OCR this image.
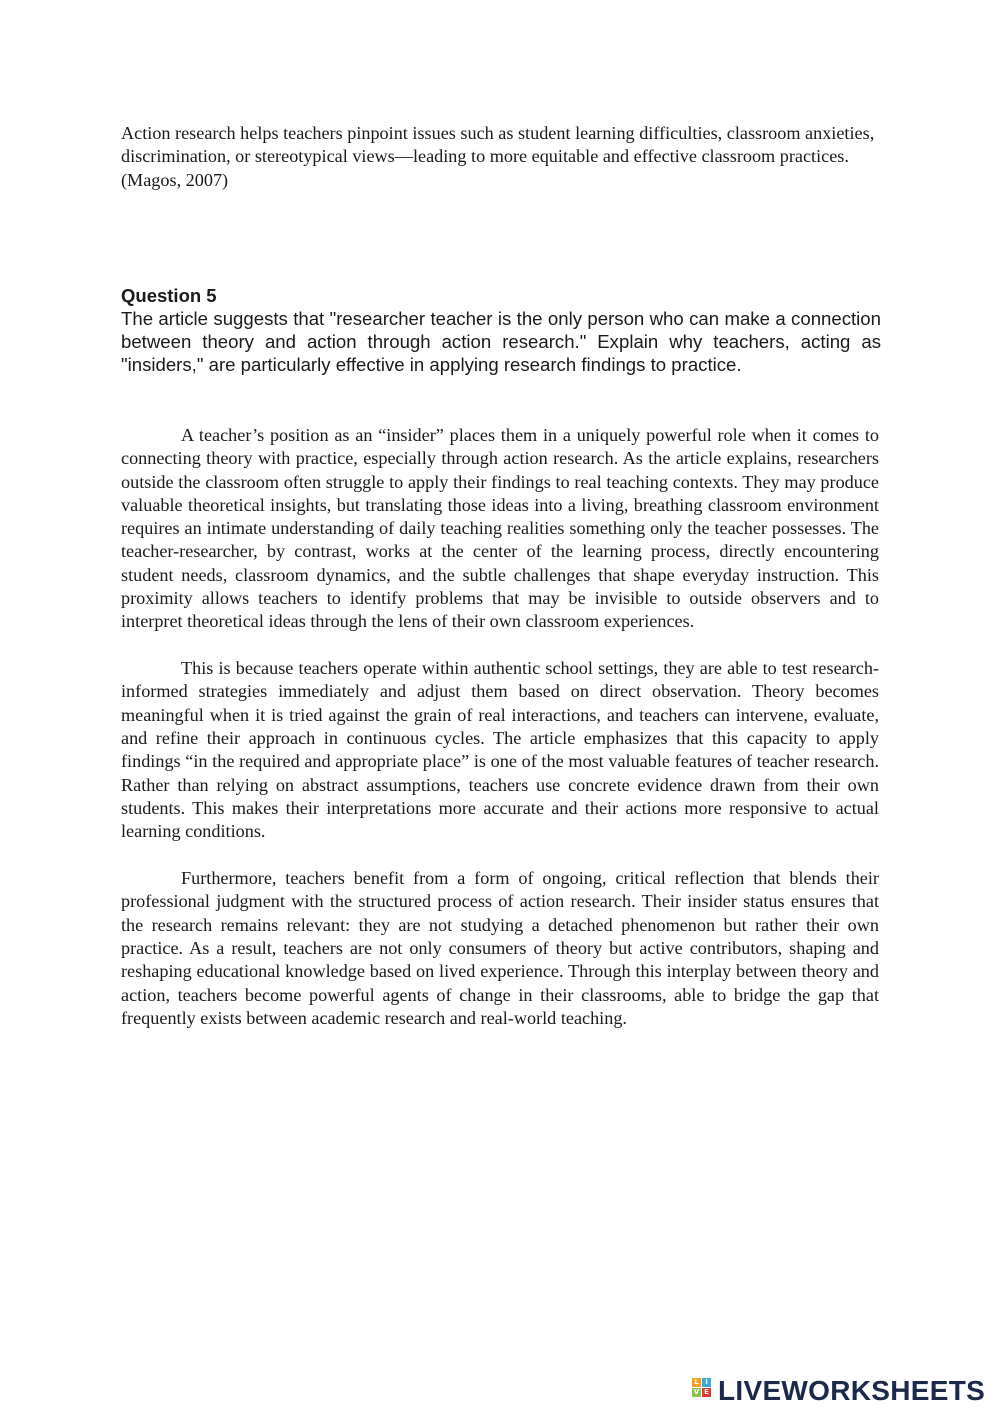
Action research helps teachers pinpoint issues such as student learning difficulties, classroom anxieties, discrimination, or stereotypical views—leading to more equitable and effective classroom practices. (Magos, 2007)

Question 5

The article suggests that "researcher teacher is the only person who can make a connection between theory and action through action research." Explain why teachers, acting as "insiders," are particularly effective in applying research findings to practice.

A teacher’s position as an “insider” places them in a uniquely powerful role when it comes to connecting theory with practice, especially through action research. As the article explains, researchers outside the classroom often struggle to apply their findings to real teaching contexts. They may produce valuable theoretical insights, but translating those ideas into a living, breathing classroom environment requires an intimate understanding of daily teaching realities something only the teacher possesses. The teacher-researcher, by contrast, works at the center of the learning process, directly encountering student needs, classroom dynamics, and the subtle challenges that shape everyday instruction. This proximity allows teachers to identify problems that may be invisible to outside observers and to interpret theoretical ideas through the lens of their own classroom experiences.

This is because teachers operate within authentic school settings, they are able to test research-informed strategies immediately and adjust them based on direct observation. Theory becomes meaningful when it is tried against the grain of real interactions, and teachers can intervene, evaluate, and refine their approach in continuous cycles. The article emphasizes that this capacity to apply findings “in the required and appropriate place” is one of the most valuable features of teacher research. Rather than relying on abstract assumptions, teachers use concrete evidence drawn from their own students. This makes their interpretations more accurate and their actions more responsive to actual learning conditions.

Furthermore, teachers benefit from a form of ongoing, critical reflection that blends their professional judgment with the structured process of action research. Their insider status ensures that the research remains relevant: they are not studying a detached phenomenon but rather their own practice. As a result, teachers are not only consumers of theory but active contributors, shaping and reshaping educational knowledge based on lived experience. Through this interplay between theory and action, teachers become powerful agents of change in their classrooms, able to bridge the gap that frequently exists between academic research and real-world teaching.

L I
V E LIVEWORKSHEETS
